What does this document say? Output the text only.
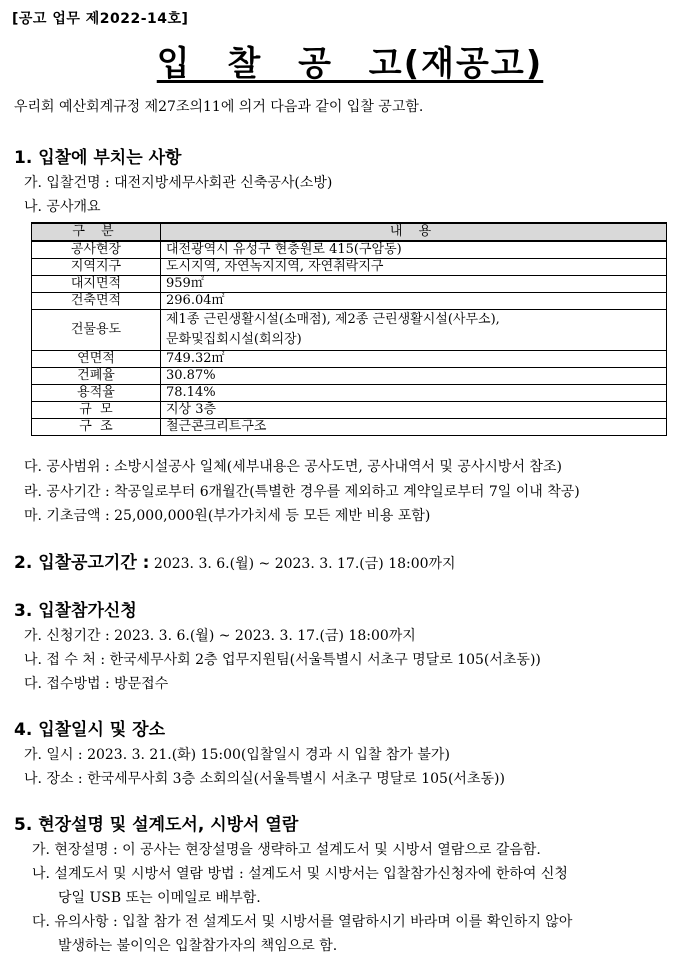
[공고 업무 제2022-14호]
입 찰 공 고(재공고)
우리회 예산회계규정 제27조의11에 의거 다음과 같이 입찰 공고함.
1. 입찰에 부치는 사항
가. 입찰건명 : 대전지방세무사회관 신축공사(소방)
나. 공사개요
구 분	내 용
공사현장	대전광역시 유성구 현충원로 415(구암동)
지역지구	도시지역, 자연녹지지역, 자연취락지구
대지면적	959㎡
건축면적	296.04㎡
건물용도	제1종 근린생활시설(소매점), 제2종 근린생활시설(사무소),
문화및집회시설(회의장)

연면적	749.32㎡
건폐율	30.87%
용적율	78.14%
규  모	지상 3층
구  조	철근콘크리트구조
다. 공사범위 : 소방시설공사 일체(세부내용은 공사도면, 공사내역서 및 공사시방서 참조)
라. 공사기간 : 착공일로부터 6개월간(특별한 경우를 제외하고 계약일로부터 7일 이내 착공)
마. 기초금액 : 25,000,000원(부가가치세 등 모든 제반 비용 포함)
2. 입찰공고기간 : 2023. 3. 6.(월) ~ 2023. 3. 17.(금) 18:00까지
3. 입찰참가신청
가. 신청기간 : 2023. 3. 6.(월) ~ 2023. 3. 17.(금) 18:00까지
나. 접 수 처 : 한국세무사회 2층 업무지원팀(서울특별시 서초구 명달로 105(서초동))
다. 접수방법 : 방문접수
4. 입찰일시 및 장소
가. 일시 : 2023. 3. 21.(화) 15:00(입찰일시 경과 시 입찰 참가 불가)
나. 장소 : 한국세무사회 3층 소회의실(서울특별시 서초구 명달로 105(서초동))
5. 현장설명 및 설계도서, 시방서 열람
가. 현장설명 : 이 공사는 현장설명을 생략하고 설계도서 및 시방서 열람으로 갈음함.
나. 설계도서 및 시방서 열람 방법 : 설계도서 및 시방서는 입찰참가신청자에 한하여 신청
당일 USB 또는 이메일로 배부함.
다. 유의사항 : 입찰 참가 전 설계도서 및 시방서를 열람하시기 바라며 이를 확인하지 않아
발생하는 불이익은 입찰참가자의 책임으로 함.
